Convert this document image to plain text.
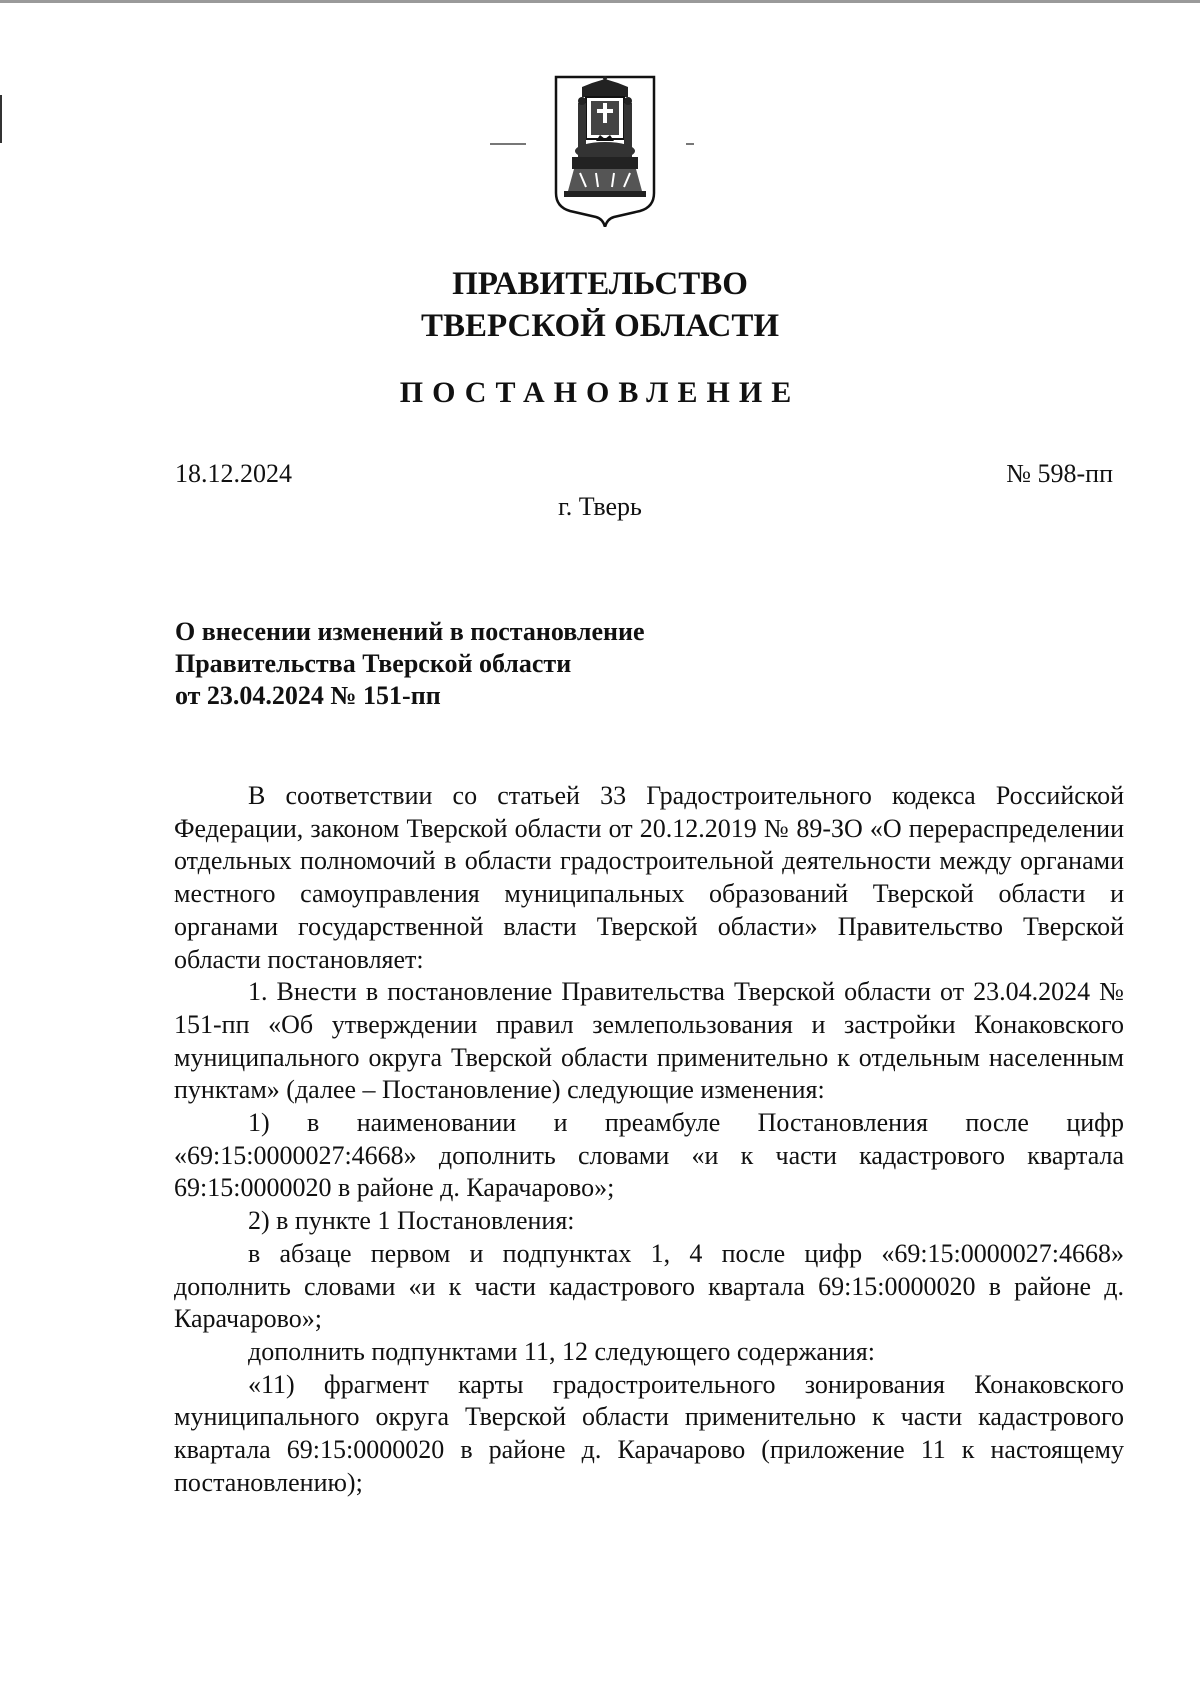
ПРАВИТЕЛЬСТВО
ТВЕРСКОЙ ОБЛАСТИ
ПОСТАНОВЛЕНИЕ
18.12.2024	№ 598-пп
г. Тверь
О внесении изменений в постановление
Правительства Тверской области
от 23.04.2024 № 151-пп

В соответствии со статьей 33 Градостроительного кодекса Российской Федерации, законом Тверской области от 20.12.2019 № 89-ЗО «О перераспределении отдельных полномочий в области градостроительной деятельности между органами местного самоуправления муниципальных образований Тверской области и органами государственной власти Тверской области» Правительство Тверской области постановляет:

1. Внести в постановление Правительства Тверской области от 23.04.2024 № 151-пп «Об утверждении правил землепользования и застройки Конаковского муниципального округа Тверской области применительно к отдельным населенным пунктам» (далее – Постановление) следующие изменения:

1) в наименовании и преамбуле Постановления после цифр «69:15:0000027:4668» дополнить словами «и к части кадастрового квартала 69:15:0000020 в районе д. Карачарово»;

2) в пункте 1 Постановления:

в абзаце первом и подпунктах 1, 4 после цифр «69:15:0000027:4668» дополнить словами «и к части кадастрового квартала 69:15:0000020 в районе д. Карачарово»;

дополнить подпунктами 11, 12 следующего содержания:

«11) фрагмент карты градостроительного зонирования Конаковского муниципального округа Тверской области применительно к части кадастрового квартала 69:15:0000020 в районе д. Карачарово (приложение 11 к настоящему постановлению);
